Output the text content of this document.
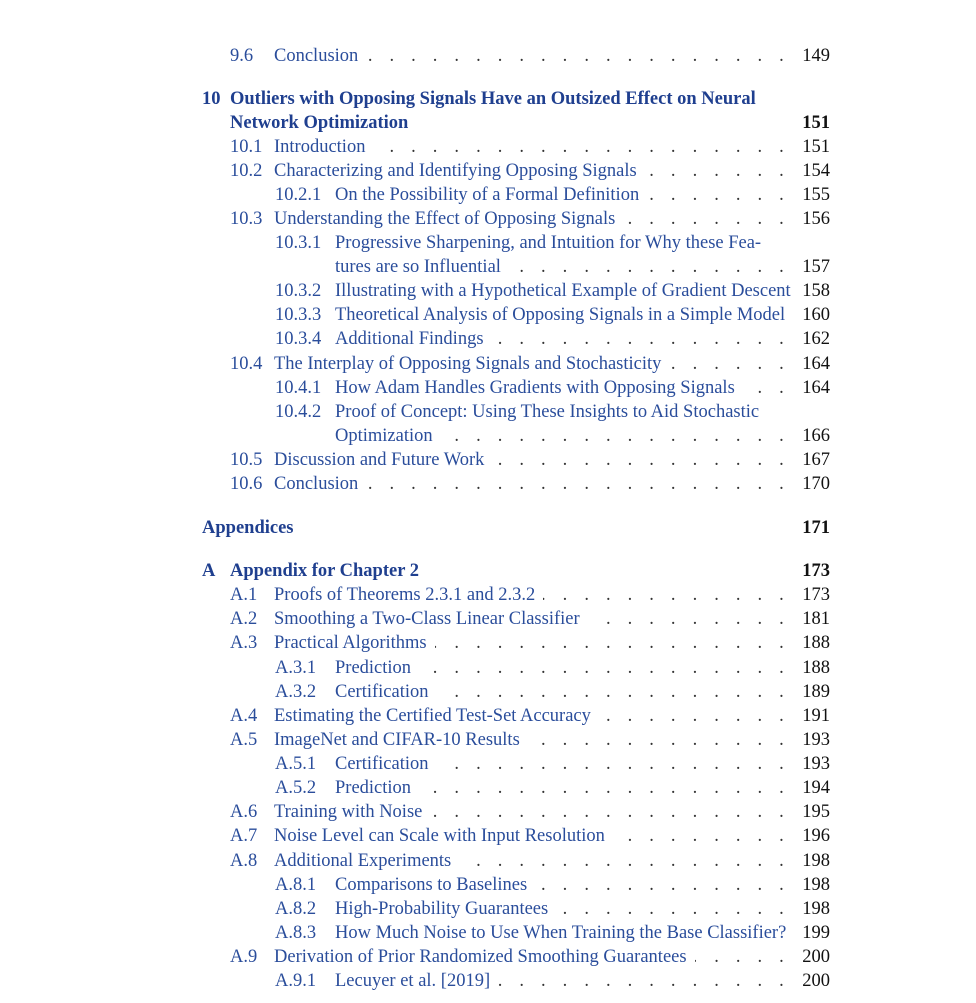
9.6 Conclusion . . .	149
10 Outliers with Opposing Signals Have an Outsized Effect on Neural
Network Optimization	151
10.1 Introduction . . .	151
10.2 Characterizing and Identifying Opposing Signals . . .	154
10.2.1 On the Possibility of a Formal Definition . . .	155
10.3 Understanding the Effect of Opposing Signals . . .	156
10.3.1 Progressive Sharpening, and Intuition for Why these Fea-
tures are so Influential . . .	157
10.3.2 Illustrating with a Hypothetical Example of Gradient Descent 158
10.3.3 Theoretical Analysis of Opposing Signals in a Simple Model 160
10.3.4 Additional Findings . . .	162
10.4 The Interplay of Opposing Signals and Stochasticity . . .	164
10.4.1 How Adam Handles Gradients with Opposing Signals . . .	164
10.4.2 Proof of Concept: Using These Insights to Aid Stochastic
Optimization . . .	166
10.5 Discussion and Future Work . . .	167
10.6 Conclusion . . .	170
Appendices	171
A Appendix for Chapter 2	173
A.1 Proofs of Theorems 2.3.1 and 2.3.2 . . .	173
A.2 Smoothing a Two-Class Linear Classifier . . .	181
A.3 Practical Algorithms . . .	188
A.3.1 Prediction . . .	188
A.3.2 Certification . . .	189
A.4 Estimating the Certified Test-Set Accuracy . . .	191
A.5 ImageNet and CIFAR-10 Results . . .	193
A.5.1 Certification . . .	193
A.5.2 Prediction . . .	194
A.6 Training with Noise . . .	195
A.7 Noise Level can Scale with Input Resolution . . .	196
A.8 Additional Experiments . . .	198
A.8.1 Comparisons to Baselines . . .	198
A.8.2 High-Probability Guarantees . . .	198
A.8.3 How Much Noise to Use When Training the Base Classifier? 199
A.9 Derivation of Prior Randomized Smoothing Guarantees . . .	200
A.9.1 Lecuyer et al. [2019] . . .	200
